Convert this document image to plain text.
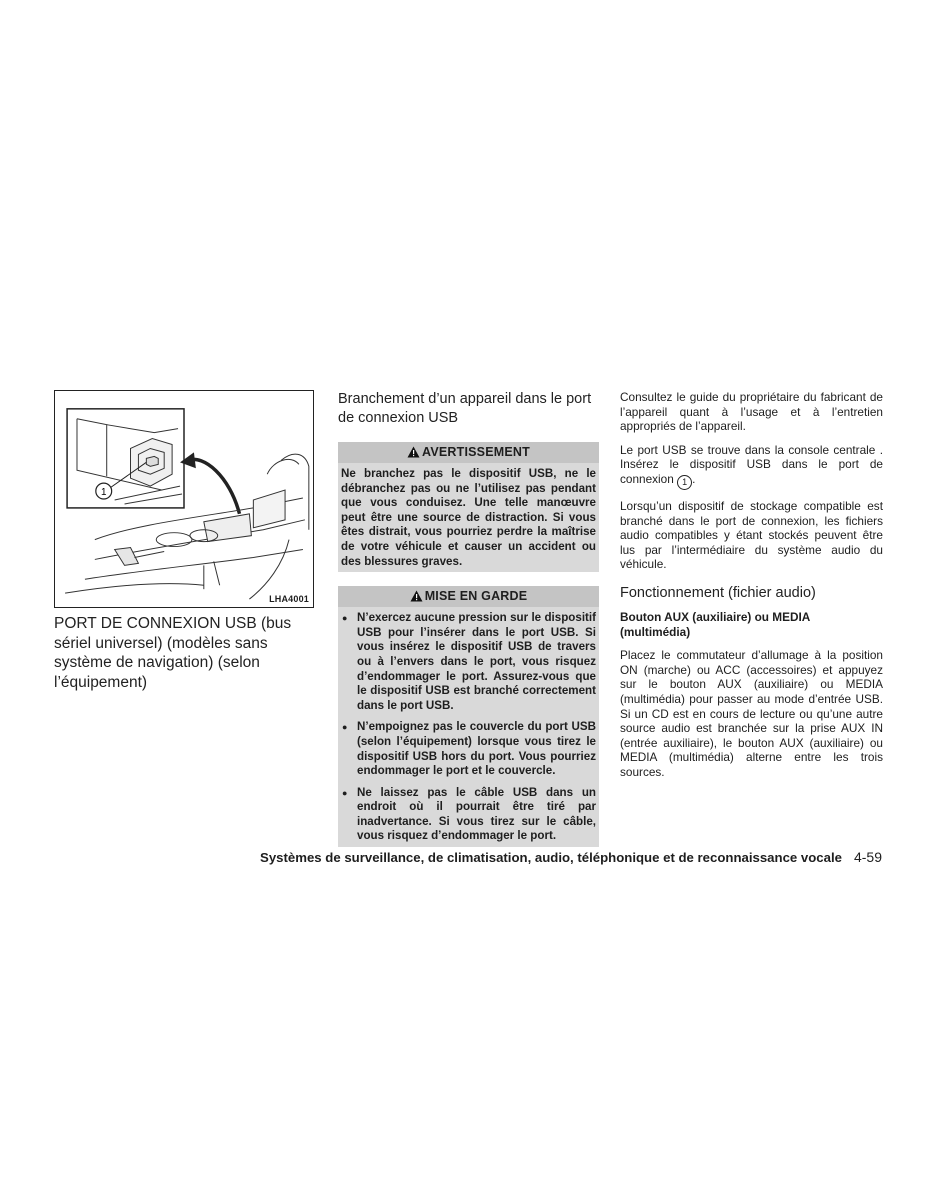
1
LHA4001
PORT DE CONNEXION USB (bus sériel universel) (modèles sans système de navigation) (selon l’équipement)
Branchement d’un appareil dans le port de connexion USB
AVERTISSEMENT
Ne branchez pas le dispositif USB, ne le débranchez pas ou ne l’utilisez pas pendant que vous conduisez. Une telle manœuvre peut être une source de distraction. Si vous êtes distrait, vous pourriez perdre la maîtrise de votre véhicule et causer un accident ou des blessures graves.
MISE EN GARDE
● N’exercez aucune pression sur le dispositif USB pour l’insérer dans le port USB. Si vous insérez le dispositif USB de travers ou à l’envers dans le port, vous risquez d’endommager le port. Assurez-vous que le dispositif USB est branché correctement dans le port USB.
● N’empoignez pas le couvercle du port USB (selon l’équipement) lorsque vous tirez le dispositif USB hors du port. Vous pourriez endommager le port et le couvercle.
● Ne laissez pas le câble USB dans un endroit où il pourrait être tiré par inadvertance. Si vous tirez sur le câble, vous risquez d’endommager le port.

Consultez le guide du propriétaire du fabricant de l’appareil quant à l’usage et à l’entretien appropriés de l’appareil.

Le port USB se trouve dans la console centrale . Insérez le dispositif USB dans le port de connexion 1 .

Lorsqu’un dispositif de stockage compatible est branché dans le port de connexion, les fichiers audio compatibles y étant stockés peuvent être lus par l’intermédiaire du système audio du véhicule.

Fonctionnement (fichier audio)
Bouton AUX (auxiliaire) ou MEDIA (multimédia)

Placez le commutateur d’allumage à la position ON (marche) ou ACC (accessoires) et appuyez sur le bouton AUX (auxiliaire) ou MEDIA (multimédia) pour passer au mode d’entrée USB. Si un CD est en cours de lecture ou qu’une autre source audio est branchée sur la prise AUX IN (entrée auxiliaire), le bouton AUX (auxiliaire) ou MEDIA (multimédia) alterne entre les trois sources.

Systèmes de surveillance, de climatisation, audio, téléphonique et de reconnaissance vocale 4-59
